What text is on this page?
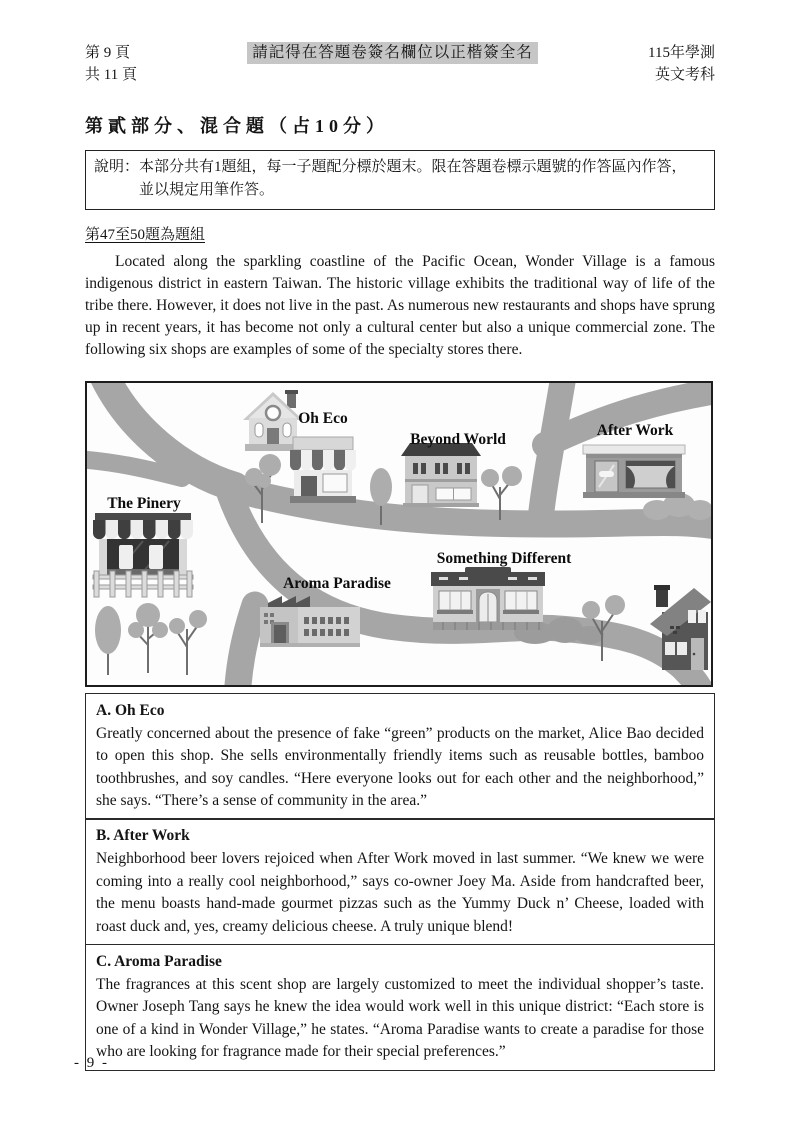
第 9 頁
共 11 頁
請記得在答題卷簽名欄位以正楷簽全名	115年學測
英文考科
第貳部分、混合題（占10分）
說明：本部分共有1題組，每一子題配分標於題末。限在答題卷標示題號的作答區內作答，
並以規定用筆作答。
第47至50題為題組

Located along the sparkling coastline of the Pacific Ocean, Wonder Village is a famous indigenous district in eastern Taiwan. The historic village exhibits the traditional way of life of the tribe there. However, it does not live in the past. As numerous new restaurants and shops have sprung up in recent years, it has become not only a cultural center but also a unique commercial zone. The following six shops are examples of some of the specialty stores there.

Oh Eco
Beyond World
After Work
The Pinery
Aroma Paradise
Something Different
A. Oh Eco

Greatly concerned about the presence of fake “green” products on the market, Alice Bao decided to open this shop. She sells environmentally friendly items such as reusable bottles, bamboo toothbrushes, and soy candles. “Here everyone looks out for each other and the neighborhood,” she says. “There’s a sense of community in the area.”

B. After Work

Neighborhood beer lovers rejoiced when After Work moved in last summer. “We knew we were coming into a really cool neighborhood,” says co-owner Joey Ma. Aside from handcrafted beer, the menu boasts hand-made gourmet pizzas such as the Yummy Duck n’ Cheese, loaded with roast duck and, yes, creamy delicious cheese. A truly unique blend!

C. Aroma Paradise

The fragrances at this scent shop are largely customized to meet the individual shopper’s taste. Owner Joseph Tang says he knew the idea would work well in this unique district: “Each store is one of a kind in Wonder Village,” he states. “Aroma Paradise wants to create a paradise for those who are looking for fragrance made for their special preferences.”

- 9 -
